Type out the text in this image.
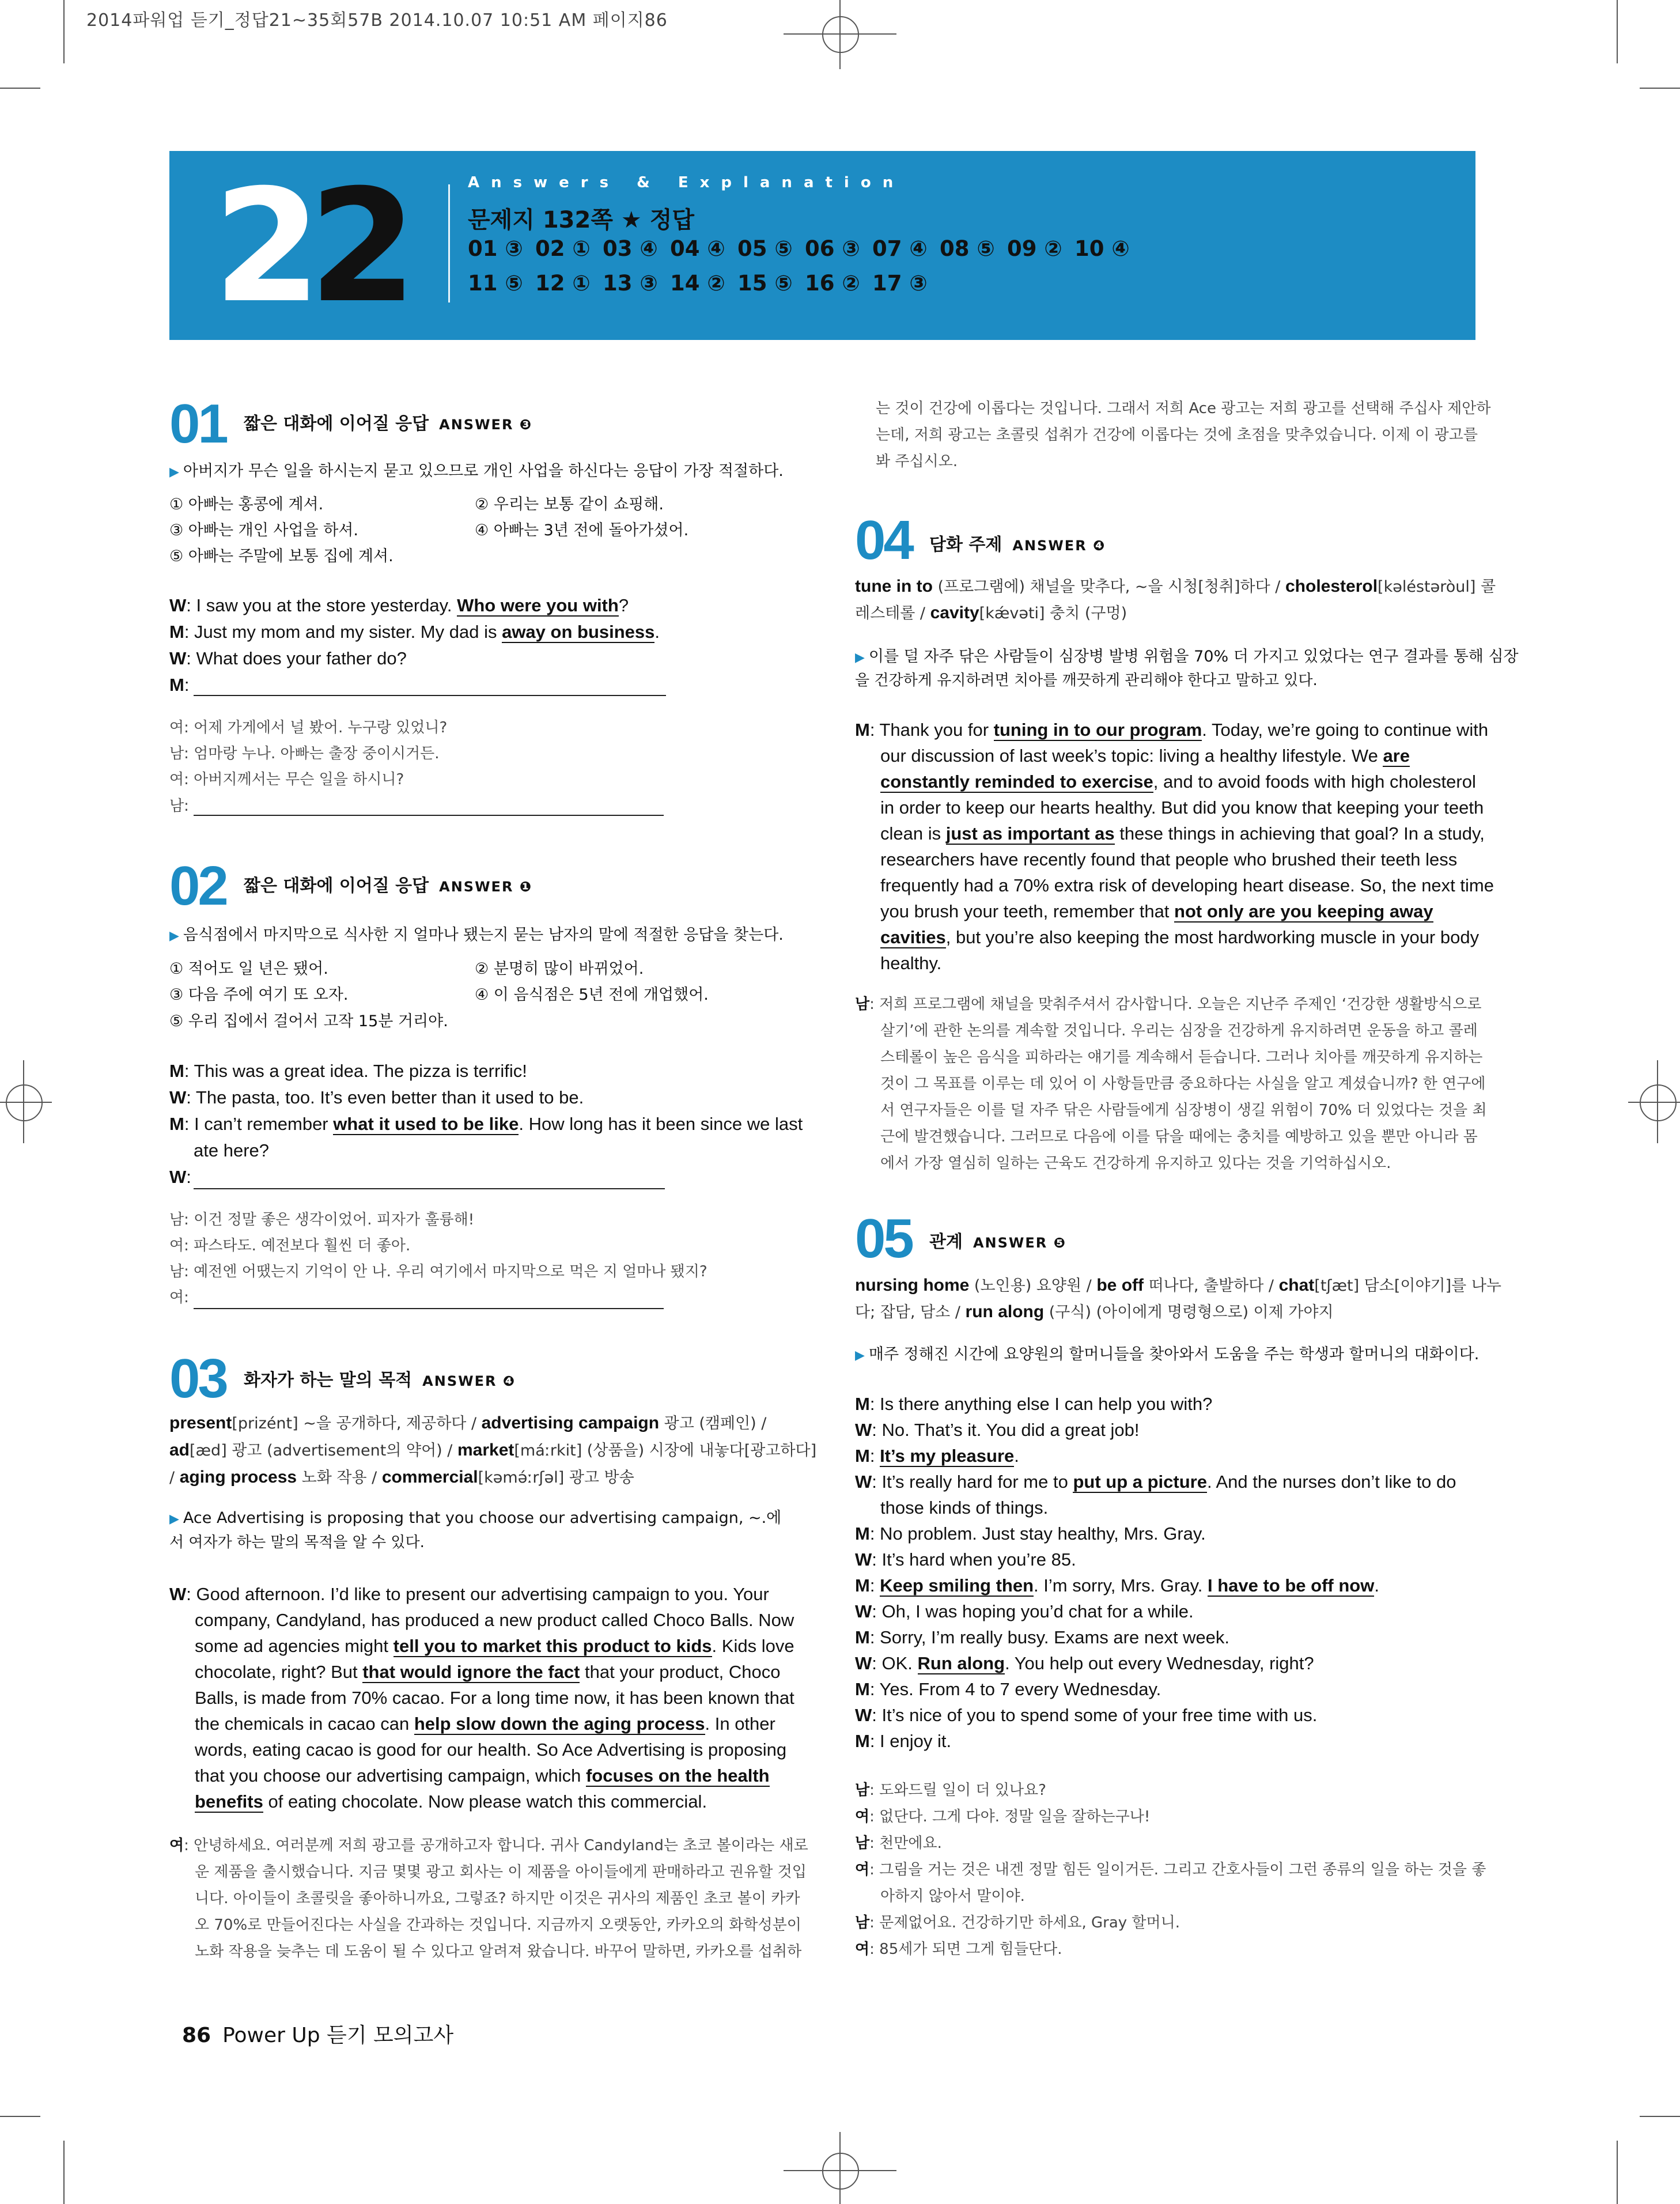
2014파워업 듣기_정답21~35회57B 2014.10.07 10:51 AM 페이지86
22	Answers & Explanation
문제지 132쪽 ★ 정답
01 ③ 02 ① 03 ④ 04 ④ 05 ⑤ 06 ③ 07 ④ 08 ⑤ 09 ② 10 ④
11 ⑤ 12 ① 13 ③ 14 ② 15 ⑤ 16 ② 17 ③
01 짧은 대화에 이어질 응답 ANSWER ❸
▶ 아버지가 무슨 일을 하시는지 묻고 있으므로 개인 사업을 하신다는 응답이 가장 적절하다.
① 아빠는 홍콩에 계셔.	② 우리는 보통 같이 쇼핑해.
③ 아빠는 개인 사업을 하셔.	④ 아빠는 3년 전에 돌아가셨어.
⑤ 아빠는 주말에 보통 집에 계셔.
W: I saw you at the store yesterday. Who were you with?
M: Just my mom and my sister. My dad is away on business.
W: What does your father do?
M:
여: 어제 가게에서 널 봤어. 누구랑 있었니?
남: 엄마랑 누나. 아빠는 출장 중이시거든.
여: 아버지께서는 무슨 일을 하시니?
남:
02 짧은 대화에 이어질 응답 ANSWER ❶
▶ 음식점에서 마지막으로 식사한 지 얼마나 됐는지 묻는 남자의 말에 적절한 응답을 찾는다.
① 적어도 일 년은 됐어.	② 분명히 많이 바뀌었어.
③ 다음 주에 여기 또 오자.	④ 이 음식점은 5년 전에 개업했어.
⑤ 우리 집에서 걸어서 고작 15분 거리야.
M: This was a great idea. The pizza is terrific!
W: The pasta, too. It’s even better than it used to be.
M: I can’t remember what it used to be like. How long has it been since we last
ate here?
W:
남: 이건 정말 좋은 생각이었어. 피자가 훌륭해!
여: 파스타도. 예전보다 훨씬 더 좋아.
남: 예전엔 어땠는지 기억이 안 나. 우리 여기에서 마지막으로 먹은 지 얼마나 됐지?
여:
03 화자가 하는 말의 목적 ANSWER ❹
present[prizént] ~을 공개하다, 제공하다 / advertising campaign 광고 (캠페인) /
ad[æd] 광고 (advertisement의 약어) / market[máːrkit] (상품을) 시장에 내놓다[광고하다]
/ aging process 노화 작용 / commercial[kəmə́ːrʃəl] 광고 방송
▶ Ace Advertising is proposing that you choose our advertising campaign, ~.에
서 여자가 하는 말의 목적을 알 수 있다.
W: Good afternoon. I’d like to present our advertising campaign to you. Your
company, Candyland, has produced a new product called Choco Balls. Now
some ad agencies might tell you to market this product to kids. Kids love
chocolate, right? But that would ignore the fact that your product, Choco
Balls, is made from 70% cacao. For a long time now, it has been known that
the chemicals in cacao can help slow down the aging process. In other
words, eating cacao is good for our health. So Ace Advertising is proposing
that you choose our advertising campaign, which focuses on the health
benefits of eating chocolate. Now please watch this commercial.
여: 안녕하세요. 여러분께 저희 광고를 공개하고자 합니다. 귀사 Candyland는 초코 볼이라는 새로
운 제품을 출시했습니다. 지금 몇몇 광고 회사는 이 제품을 아이들에게 판매하라고 권유할 것입
니다. 아이들이 초콜릿을 좋아하니까요, 그렇죠? 하지만 이것은 귀사의 제품인 초코 볼이 카카
오 70%로 만들어진다는 사실을 간과하는 것입니다. 지금까지 오랫동안, 카카오의 화학성분이
노화 작용을 늦추는 데 도움이 될 수 있다고 알려져 왔습니다. 바꾸어 말하면, 카카오를 섭취하
는 것이 건강에 이롭다는 것입니다. 그래서 저희 Ace 광고는 저희 광고를 선택해 주십사 제안하
는데, 저희 광고는 초콜릿 섭취가 건강에 이롭다는 것에 초점을 맞추었습니다. 이제 이 광고를
봐 주십시오.
04 담화 주제 ANSWER ❹
tune in to (프로그램에) 채널을 맞추다, ~을 시청[청취]하다 / cholesterol[kəléstəròul] 콜
레스테롤 / cavity[kǽvəti] 충치 (구멍)
▶ 이를 덜 자주 닦은 사람들이 심장병 발병 위험을 70% 더 가지고 있었다는 연구 결과를 통해 심장
을 건강하게 유지하려면 치아를 깨끗하게 관리해야 한다고 말하고 있다.
M: Thank you for tuning in to our program. Today, we’re going to continue with
our discussion of last week’s topic: living a healthy lifestyle. We are
constantly reminded to exercise, and to avoid foods with high cholesterol
in order to keep our hearts healthy. But did you know that keeping your teeth
clean is just as important as these things in achieving that goal? In a study,
researchers have recently found that people who brushed their teeth less
frequently had a 70% extra risk of developing heart disease. So, the next time
you brush your teeth, remember that not only are you keeping away
cavities, but you’re also keeping the most hardworking muscle in your body
healthy.
남: 저희 프로그램에 채널을 맞춰주셔서 감사합니다. 오늘은 지난주 주제인 ‘건강한 생활방식으로
살기’에 관한 논의를 계속할 것입니다. 우리는 심장을 건강하게 유지하려면 운동을 하고 콜레
스테롤이 높은 음식을 피하라는 얘기를 계속해서 듣습니다. 그러나 치아를 깨끗하게 유지하는
것이 그 목표를 이루는 데 있어 이 사항들만큼 중요하다는 사실을 알고 계셨습니까? 한 연구에
서 연구자들은 이를 덜 자주 닦은 사람들에게 심장병이 생길 위험이 70% 더 있었다는 것을 최
근에 발견했습니다. 그러므로 다음에 이를 닦을 때에는 충치를 예방하고 있을 뿐만 아니라 몸
에서 가장 열심히 일하는 근육도 건강하게 유지하고 있다는 것을 기억하십시오.
05 관계 ANSWER ❺
nursing home (노인용) 요양원 / be off 떠나다, 출발하다 / chat[tʃæt] 담소[이야기]를 나누
다; 잡담, 담소 / run along (구식) (아이에게 명령형으로) 이제 가야지
▶ 매주 정해진 시간에 요양원의 할머니들을 찾아와서 도움을 주는 학생과 할머니의 대화이다.
M: Is there anything else I can help you with?
W: No. That’s it. You did a great job!
M: It’s my pleasure.
W: It’s really hard for me to put up a picture. And the nurses don’t like to do
those kinds of things.
M: No problem. Just stay healthy, Mrs. Gray.
W: It’s hard when you’re 85.
M: Keep smiling then. I’m sorry, Mrs. Gray. I have to be off now.
W: Oh, I was hoping you’d chat for a while.
M: Sorry, I’m really busy. Exams are next week.
W: OK. Run along. You help out every Wednesday, right?
M: Yes. From 4 to 7 every Wednesday.
W: It’s nice of you to spend some of your free time with us.
M: I enjoy it.
남: 도와드릴 일이 더 있나요?
여: 없단다. 그게 다야. 정말 일을 잘하는구나!
남: 천만에요.
여: 그림을 거는 것은 내겐 정말 힘든 일이거든. 그리고 간호사들이 그런 종류의 일을 하는 것을 좋
아하지 않아서 말이야.
남: 문제없어요. 건강하기만 하세요, Gray 할머니.
여: 85세가 되면 그게 힘들단다.
86 Power Up 듣기 모의고사
